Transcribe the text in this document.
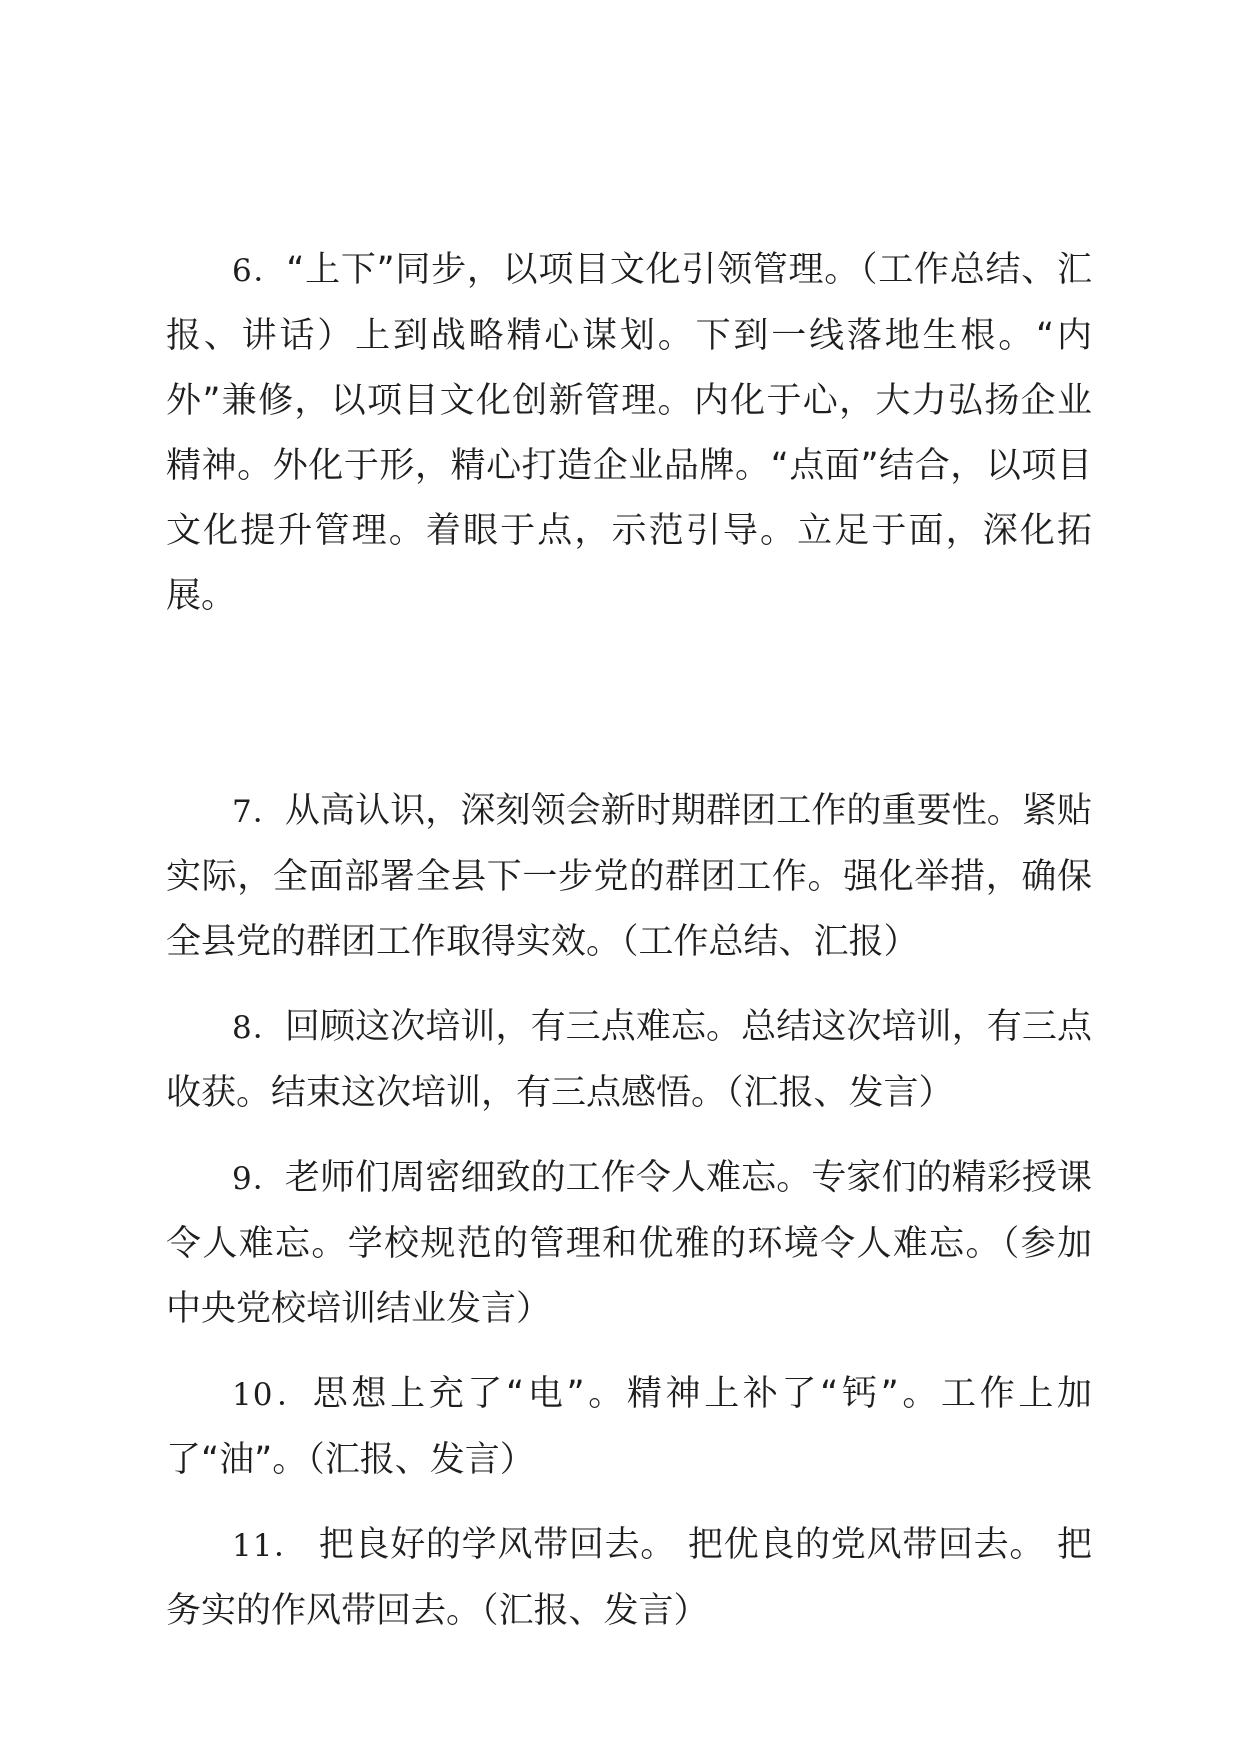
6．“上下”同步，以项目文化引领管理。（工作总结、汇报、讲话）上到战略精心谋划。下到一线落地生根。“内外”兼修，以项目文化创新管理。内化于心，大力弘扬企业精神。外化于形，精心打造企业品牌。“点面”结合，以项目文化提升管理。着眼于点，示范引导。立足于面，深化拓展。

7．从高认识，深刻领会新时期群团工作的重要性。紧贴实际，全面部署全县下一步党的群团工作。强化举措，确保全县党的群团工作取得实效。（工作总结、汇报）

8．回顾这次培训，有三点难忘。总结这次培训，有三点收获。结束这次培训，有三点感悟。（汇报、发言）

9．老师们周密细致的工作令人难忘。专家们的精彩授课令人难忘。学校规范的管理和优雅的环境令人难忘。（参加中央党校培训结业发言）

10．思想上充了“电”。精神上补了“钙”。工作上加了“油”。（汇报、发言）

11． 把良好的学风带回去。 把优良的党风带回去。 把务实的作风带回去。（汇报、发言）
